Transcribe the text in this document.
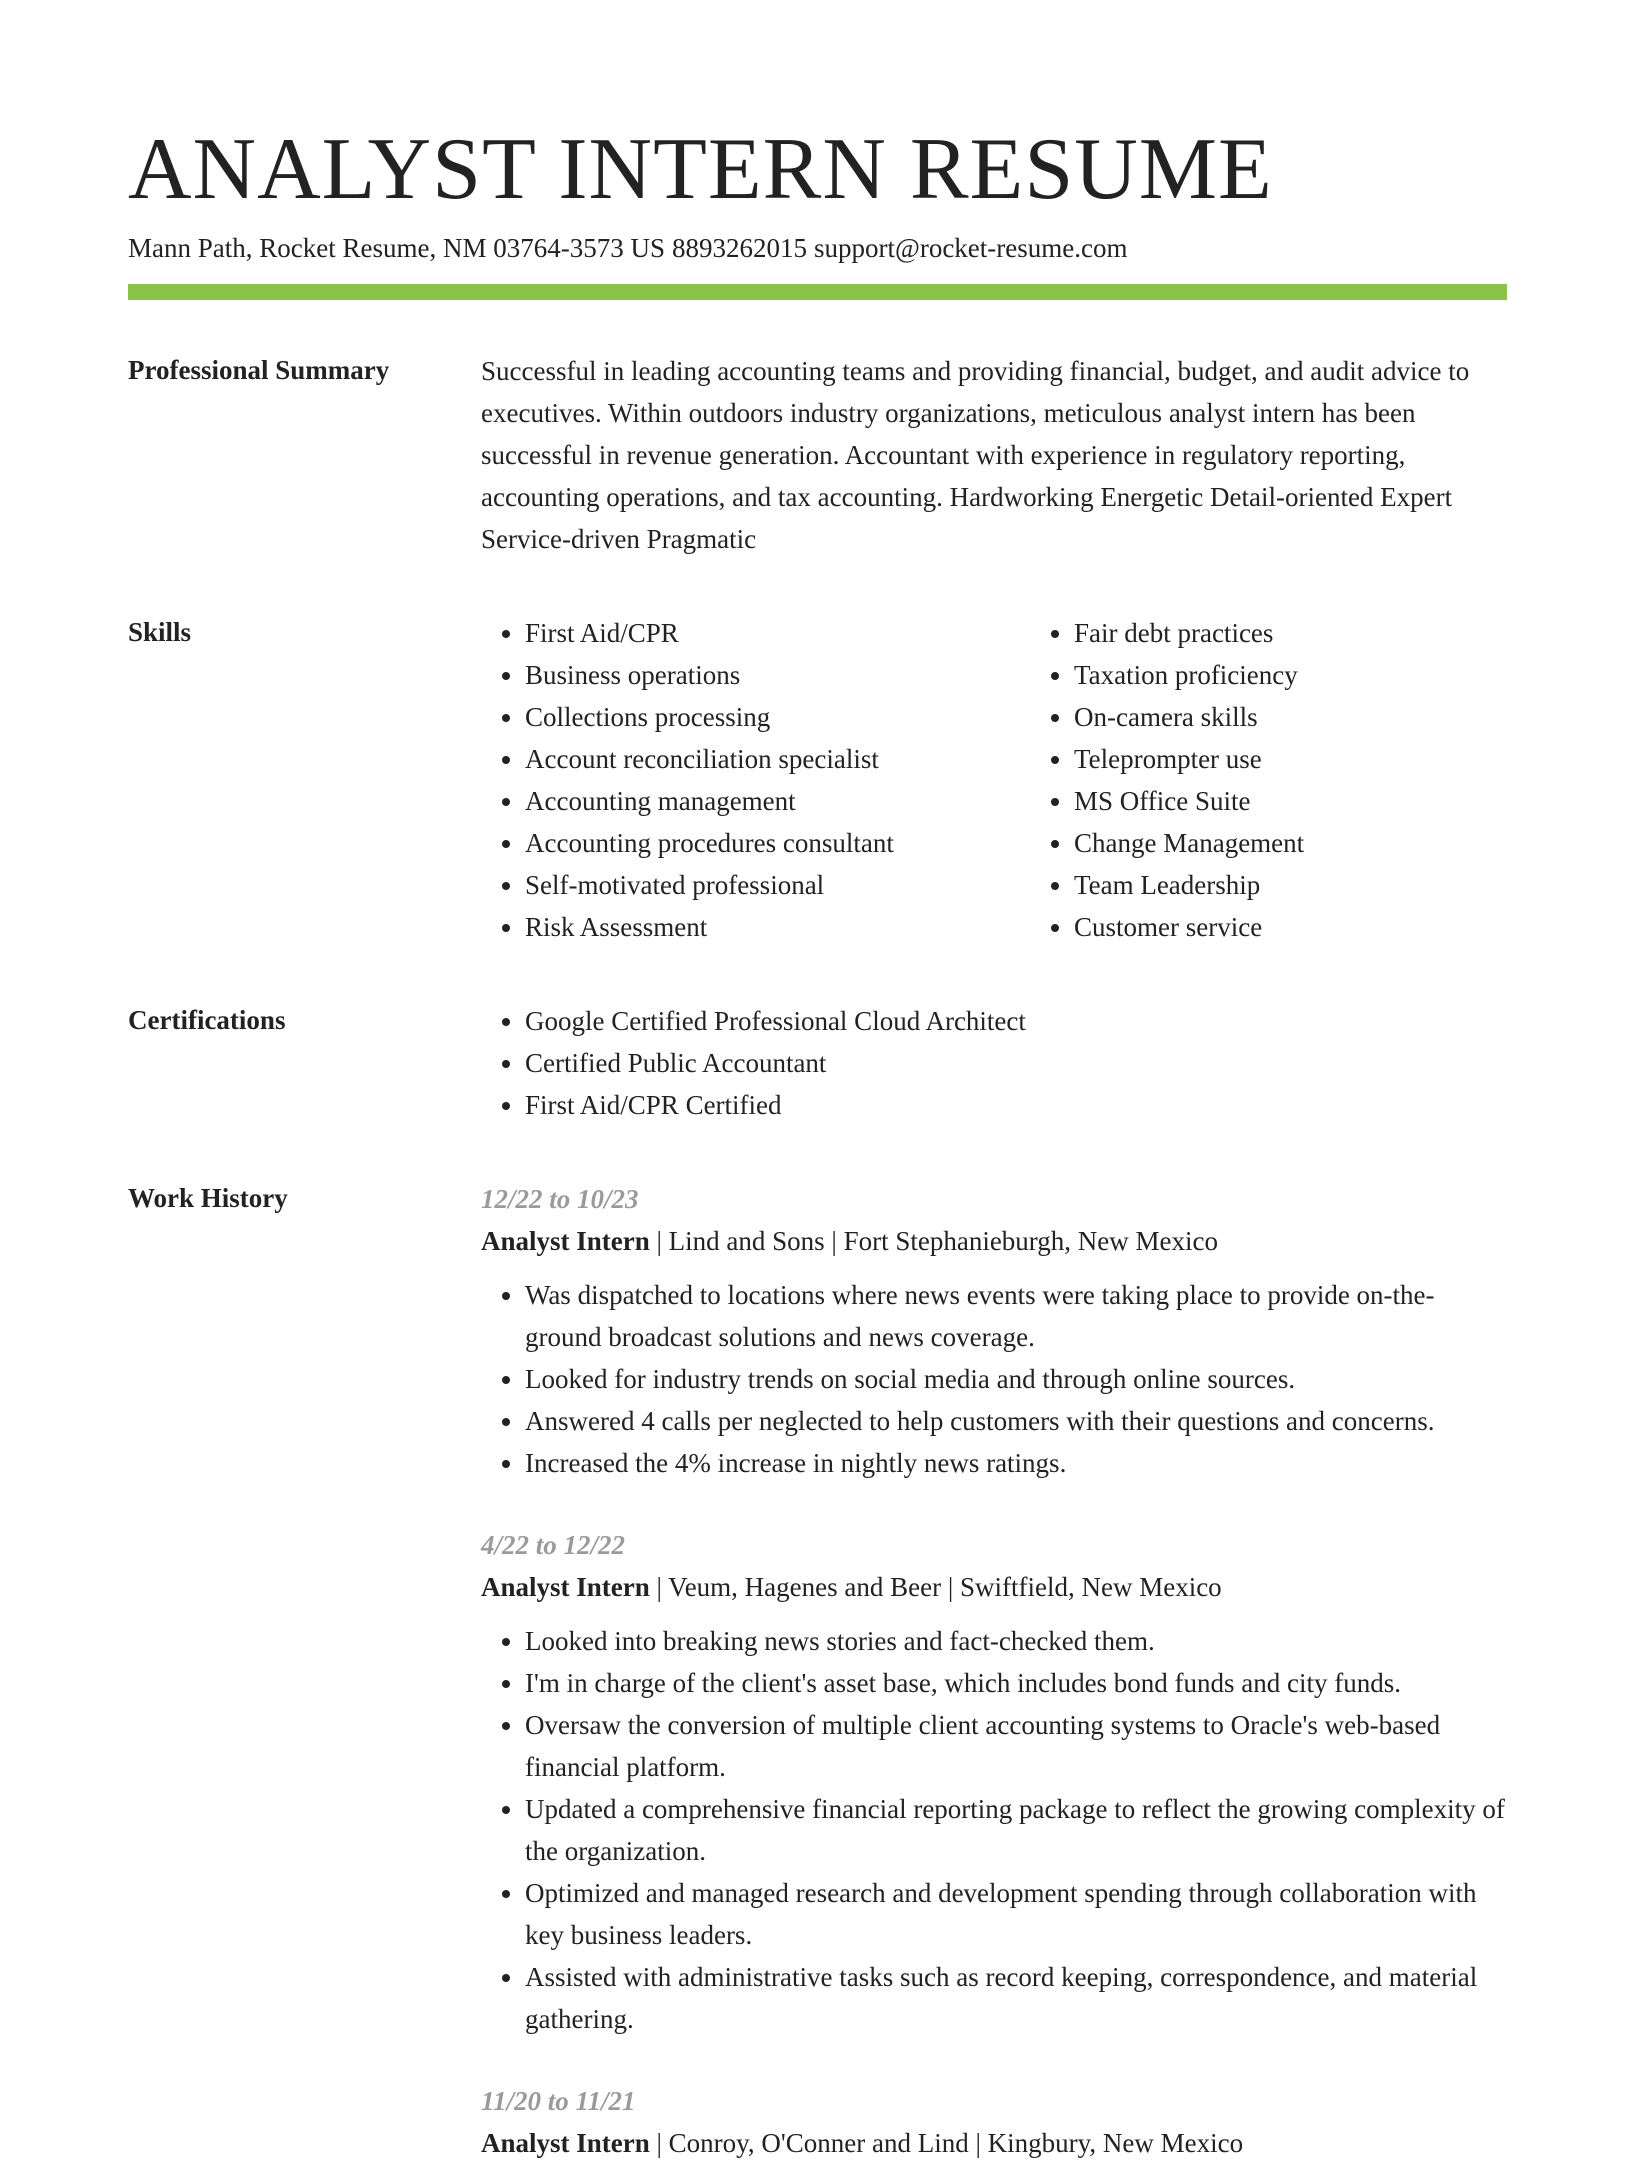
ANALYST INTERN RESUME
Mann Path, Rocket Resume, NM 03764-3573 US 8893262015 support@rocket-resume.com
Professional Summary	Successful in leading accounting teams and providing financial, budget, and audit advice to executives. Within outdoors industry organizations, meticulous analyst intern has been successful in revenue generation. Accountant with experience in regulatory reporting, accounting operations, and tax accounting. Hardworking Energetic Detail-oriented Expert Service-driven Pragmatic

Skills	• First Aid/CPR
• Business operations
• Collections processing
• Account reconciliation specialist
• Accounting management
• Accounting procedures consultant
• Self-motivated professional
• Risk Assessment
• Fair debt practices
• Taxation proficiency
• On-camera skills
• Teleprompter use
• MS Office Suite
• Change Management
• Team Leadership
• Customer service
Certifications	• Google Certified Professional Cloud Architect
• Certified Public Accountant
• First Aid/CPR Certified
Work History	12/22 to 10/23
Analyst Intern | Lind and Sons | Fort Stephanieburgh, New Mexico
• Was dispatched to locations where news events were taking place to provide on-the-ground broadcast solutions and news coverage.
• Looked for industry trends on social media and through online sources.
• Answered 4 calls per neglected to help customers with their questions and concerns.
• Increased the 4% increase in nightly news ratings.
4/22 to 12/22
Analyst Intern | Veum, Hagenes and Beer | Swiftfield, New Mexico
• Looked into breaking news stories and fact-checked them.
• I'm in charge of the client's asset base, which includes bond funds and city funds.
• Oversaw the conversion of multiple client accounting systems to Oracle's web-based financial platform.
• Updated a comprehensive financial reporting package to reflect the growing complexity of the organization.
• Optimized and managed research and development spending through collaboration with key business leaders.
• Assisted with administrative tasks such as record keeping, correspondence, and material gathering.
11/20 to 11/21
Analyst Intern | Conroy, O'Conner and Lind | Kingbury, New Mexico
